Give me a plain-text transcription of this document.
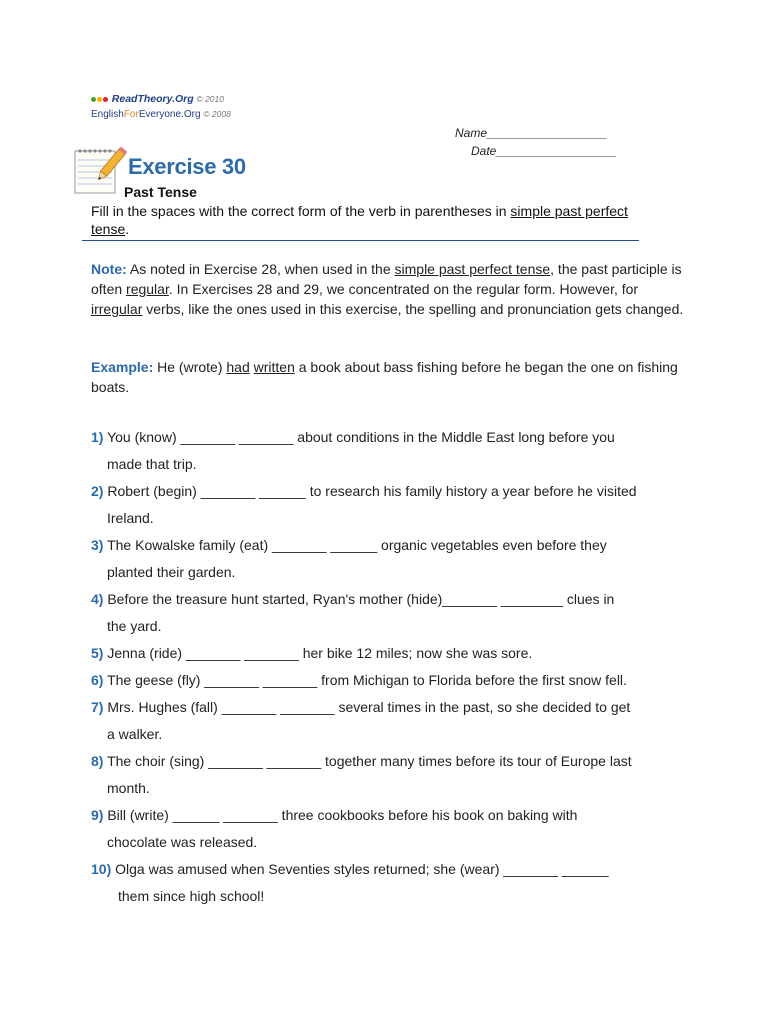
ReadTheory.Org © 2010
EnglishForEveryone.Org © 2008
Name__________________
Date__________________
Exercise 30
Past Tense
Fill in the spaces with the correct form of the verb in parentheses in simple past perfect tense.
Note: As noted in Exercise 28, when used in the simple past perfect tense, the past participle is often regular. In Exercises 28 and 29, we concentrated on the regular form. However, for irregular verbs, like the ones used in this exercise, the spelling and pronunciation gets changed.
Example: He (wrote) had written a book about bass fishing before he began the one on fishing boats.
1) You (know) _______ _______ about conditions in the Middle East long before you
made that trip.
2) Robert (begin) _______ ______ to research his family history a year before he visited
Ireland.
3) The Kowalske family (eat) _______ ______ organic vegetables even before they
planted their garden.
4) Before the treasure hunt started, Ryan's mother (hide)_______ ________ clues in
the yard.
5) Jenna (ride) _______ _______ her bike 12 miles; now she was sore.
6) The geese (fly) _______ _______ from Michigan to Florida before the first snow fell.
7) Mrs. Hughes (fall) _______ _______ several times in the past, so she decided to get
a walker.
8) The choir (sing) _______ _______ together many times before its tour of Europe last
month.
9) Bill (write) ______ _______ three cookbooks before his book on baking with
chocolate was released.
10) Olga was amused when Seventies styles returned; she (wear) _______ ______
them since high school!
